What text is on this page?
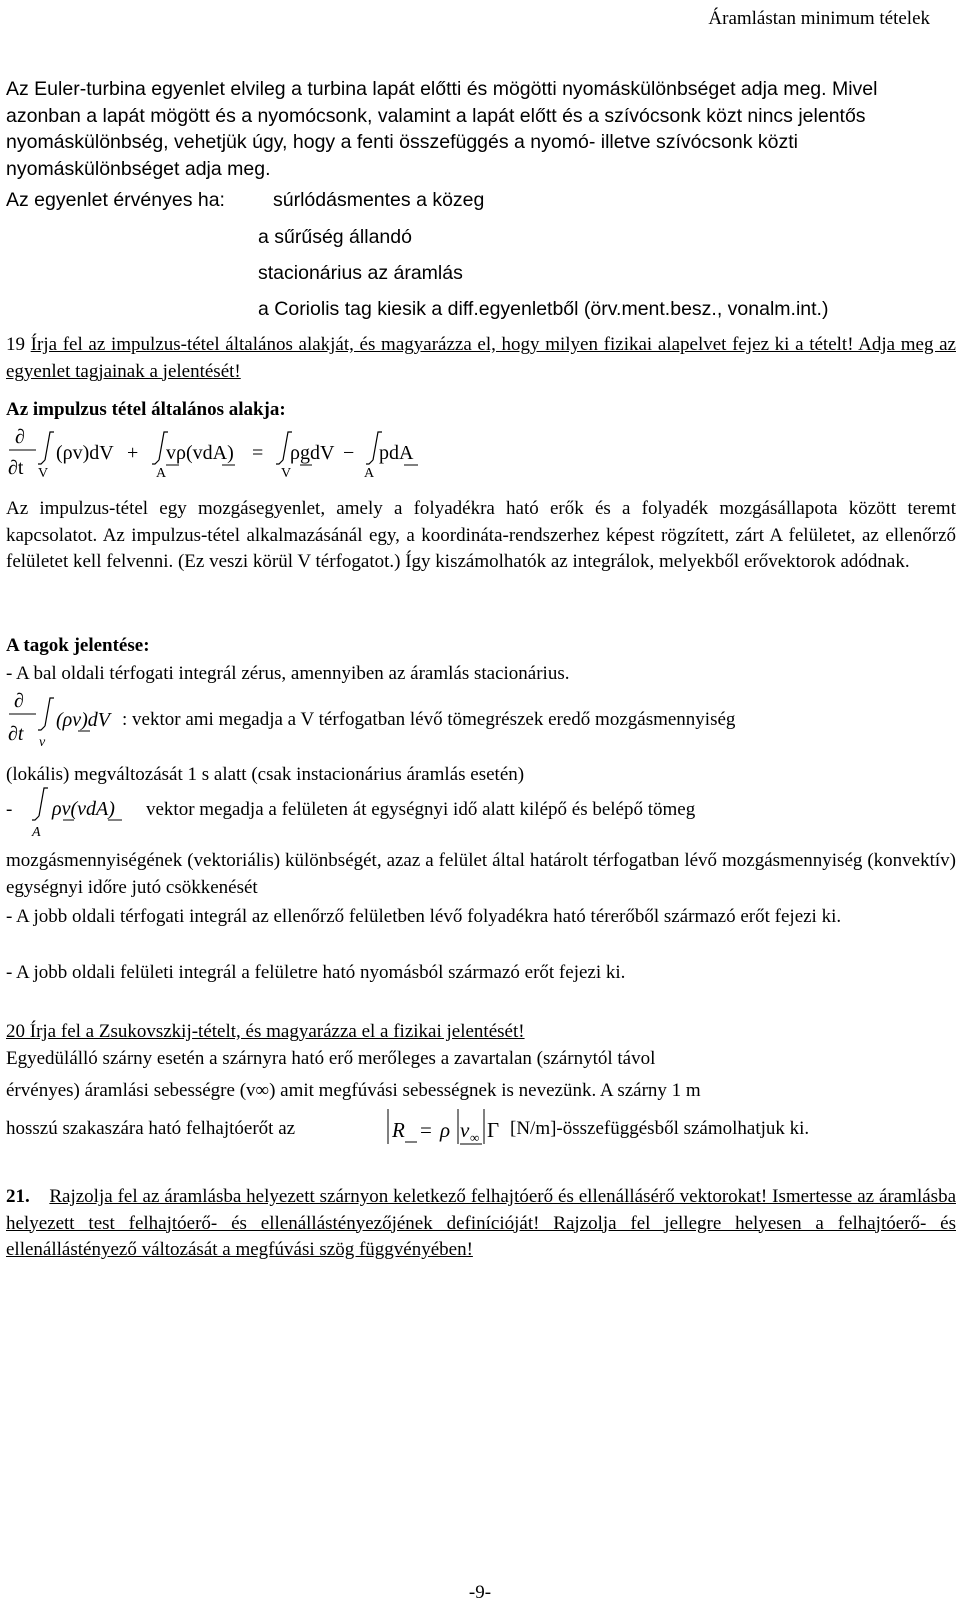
Áramlástan minimum tételek
Az Euler-turbina egyenlet elvileg a turbina lapát előtti és mögötti nyomáskülönbséget adja meg. Mivel azonban a lapát mögött és a nyomócsonk, valamint a lapát előtt és a szívócsonk közt nincs jelentős nyomáskülönbség, vehetjük úgy, hogy a fenti összefüggés a nyomó- illetve szívócsonk közti nyomáskülönbséget adja meg.
Az egyenlet érvényes ha: súrlódásmentes a közeg
a sűrűség állandó
stacionárius az áramlás
a Coriolis tag kiesik a diff.egyenletből (örv.ment.besz., vonalm.int.)
19 Írja fel az impulzus-tétel általános alakját, és magyarázza el, hogy milyen fizikai alapelvet fejez ki a tételt! Adja meg az egyenlet tagjainak a jelentését!
Az impulzus tétel általános alakja:
∂
∂t V
(ρv)dV +
A
vρ(vdA) =
V
ρgdV −
A
pdA
Az impulzus-tétel egy mozgásegyenlet, amely a folyadékra ható erők és a folyadék mozgásállapota között teremt kapcsolatot. Az impulzus-tétel alkalmazásánál egy, a koordináta-rendszerhez képest rögzített, zárt A felületet, az ellenőrző felületet kell felvenni. (Ez veszi körül V térfogatot.) Így kiszámolhatók az integrálok, melyekből erővektorok adódnak.
A tagok jelentése:
- A bal oldali térfogati integrál zérus, amennyiben az áramlás stacionárius.
∂
∂t v
(ρv)dV : vektor ami megadja a V térfogatban lévő tömegrészek eredő mozgásmennyiség
(lokális) megváltozását 1 s alatt (csak instacionárius áramlás esetén)
-
A
ρv(vdA) vektor megadja a felületen át egységnyi idő alatt kilépő és belépő tömeg
mozgásmennyiségének (vektoriális) különbségét, azaz a felület által határolt térfogatban lévő mozgásmennyiség (konvektív) egységnyi időre jutó csökkenését
- A jobb oldali térfogati integrál az ellenőrző felületben lévő folyadékra ható térerőből származó erőt fejezi ki.
- A jobb oldali felületi integrál a felületre ható nyomásból származó erőt fejezi ki.
20 Írja fel a Zsukovszkij-tételt, és magyarázza el a fizikai jelentését!
Egyedülálló szárny esetén a szárnyra ható erő merőleges a zavartalan (szárnytól távol
érvényes) áramlási sebességre (v∞) amit megfúvási sebességnek is nevezünk. A szárny 1 m
hosszú szakaszára ható felhajtóerőt az	R = ρ v ∞ Γ [N/m]-összefüggésből számolhatjuk ki.
21. Rajzolja fel az áramlásba helyezett szárnyon keletkező felhajtóerő és ellenállásérő vektorokat! Ismertesse az áramlásba helyezett test felhajtóerő- és ellenállástényezőjének definícióját! Rajzolja fel jellegre helyesen a felhajtóerő- és ellenállástényező változását a megfúvási szög függvényében!
-9-
